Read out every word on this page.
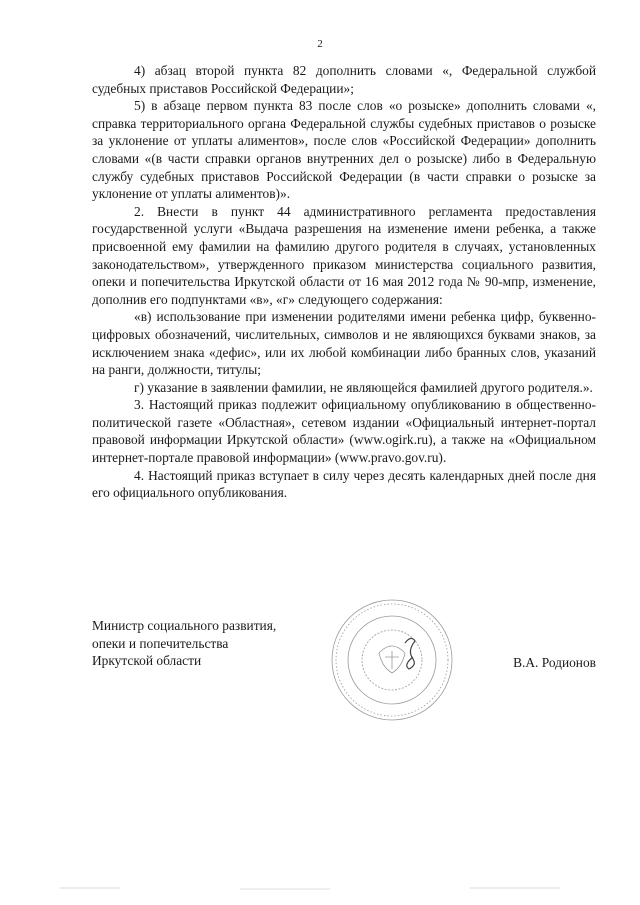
2

4) абзац второй пункта 82 дополнить словами «, Федеральной службой судебных приставов Российской Федерации»;

5) в абзаце первом пункта 83 после слов «о розыске» дополнить словами «, справка территориального органа Федеральной службы судебных приставов о розыске за уклонение от уплаты алиментов», после слов «Российской Федерации» дополнить словами «(в части справки органов внутренних дел о розыске) либо в Федеральную службу судебных приставов Российской Федерации (в части справки о розыске за уклонение от уплаты алиментов)».

2. Внести в пункт 44 административного регламента предоставления государственной услуги «Выдача разрешения на изменение имени ребенка, а также присвоенной ему фамилии на фамилию другого родителя в случаях, установленных законодательством», утвержденного приказом министерства социального развития, опеки и попечительства Иркутской области от 16 мая 2012 года № 90-мпр, изменение, дополнив его подпунктами «в», «г» следующего содержания:

«в) использование при изменении родителями имени ребенка цифр, буквенно-цифровых обозначений, числительных, символов и не являющихся буквами знаков, за исключением знака «дефис», или их любой комбинации либо бранных слов, указаний на ранги, должности, титулы;

г) указание в заявлении фамилии, не являющейся фамилией другого родителя.».

3. Настоящий приказ подлежит официальному опубликованию в общественно-политической газете «Областная», сетевом издании «Официальный интернет-портал правовой информации Иркутской области» (www.ogirk.ru), а также на «Официальном интернет-портале правовой информации» (www.pravo.gov.ru).

4. Настоящий приказ вступает в силу через десять календарных дней после дня его официального опубликования.

Министр социального развития,
опеки и попечительства
Иркутской области	В.А. Родионов
